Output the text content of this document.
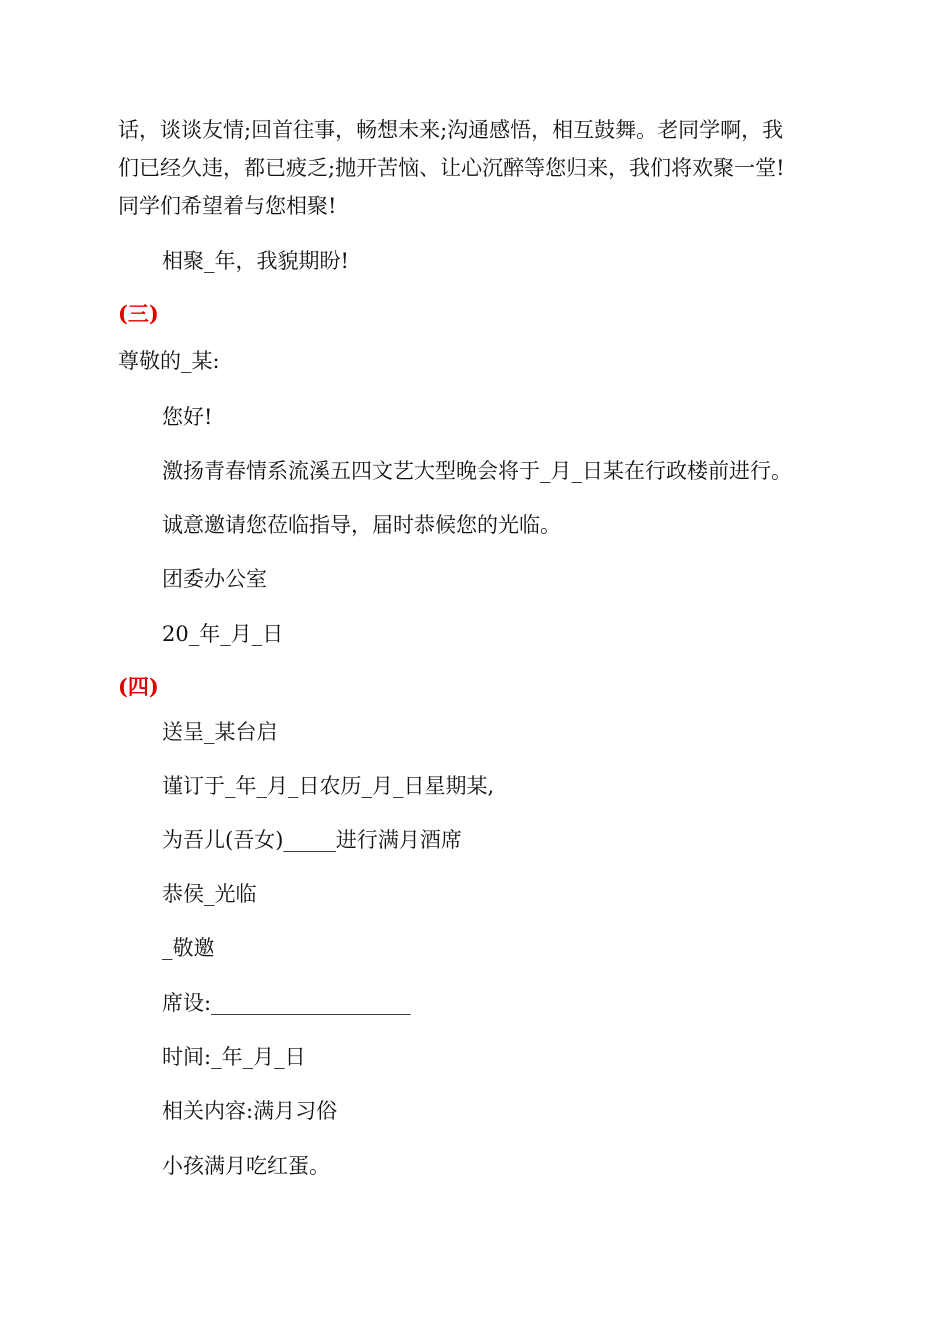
话，谈谈友情;回首往事，畅想未来;沟通感悟，相互鼓舞。老同学啊，我
们已经久违，都已疲乏;抛开苦恼、让心沉醉等您归来，我们将欢聚一堂!
同学们希望着与您相聚!
相聚_年，我貌期盼!
(三)
尊敬的_某:
您好!
激扬青春情系流溪五四文艺大型晚会将于_月_日某在行政楼前进行。
诚意邀请您莅临指导，届时恭候您的光临。
团委办公室
20_年_月_日
(四)
送呈_某台启
谨订于_年_月_日农历_月_日星期某,
为吾儿(吾女)_____进行满月酒席
恭侯_光临
_敬邀
席设:___________________
时间:_年_月_日
相关内容:满月习俗
小孩满月吃红蛋。
